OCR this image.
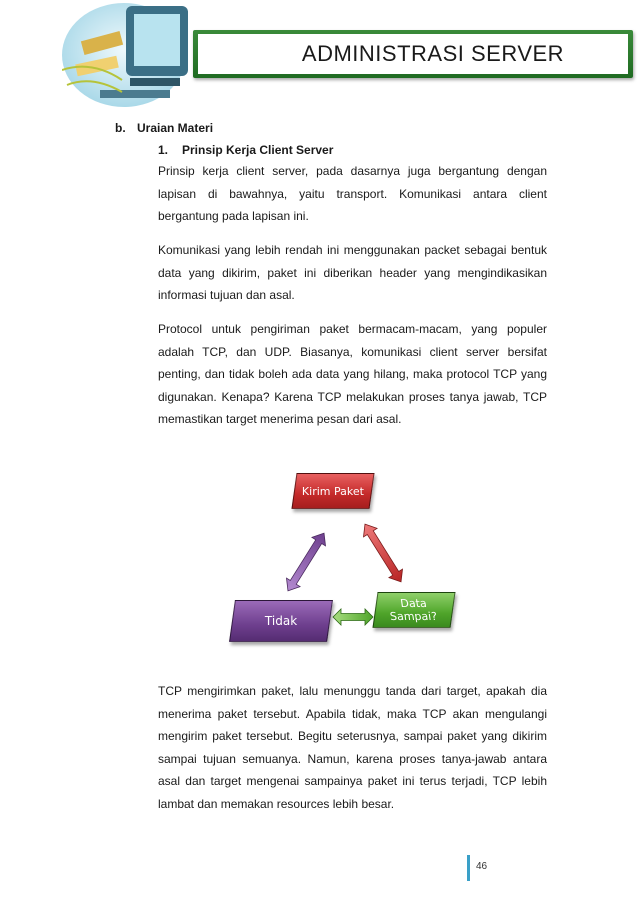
ADMINISTRASI SERVER
b. Uraian Materi
1. Prinsip Kerja Client Server
Prinsip kerja client server, pada dasarnya juga bergantung dengan lapisan di bawahnya, yaitu transport. Komunikasi antara client bergantung pada lapisan ini.
Komunikasi yang lebih rendah ini menggunakan packet sebagai bentuk data yang dikirim, paket ini diberikan header yang mengindikasikan informasi tujuan dan asal.
Protocol untuk pengiriman paket bermacam-macam, yang populer adalah TCP, dan UDP. Biasanya, komunikasi client server bersifat penting, dan tidak boleh ada data yang hilang, maka protocol TCP yang digunakan. Kenapa? Karena TCP melakukan proses tanya jawab, TCP memastikan target menerima pesan dari asal.
Kirim Paket
Data
Sampai?
Tidak
TCP mengirimkan paket, lalu menunggu tanda dari target, apakah dia menerima paket tersebut. Apabila tidak, maka TCP akan mengulangi mengirim paket tersebut. Begitu seterusnya, sampai paket yang dikirim sampai tujuan semuanya. Namun, karena proses tanya-jawab antara asal dan target mengenai sampainya paket ini terus terjadi, TCP lebih lambat dan memakan resources lebih besar.
46
